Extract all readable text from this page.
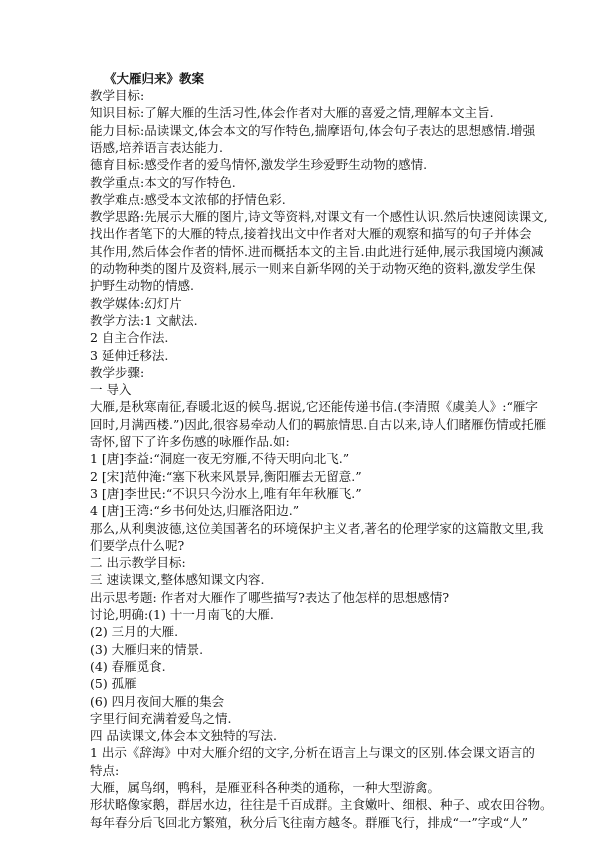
《大雁归来》教案
教学目标:
知识目标:了解大雁的生活习性,体会作者对大雁的喜爱之情,理解本文主旨.
能力目标:品读课文,体会本文的写作特色,揣摩语句,体会句子表达的思想感情.增强
语感,培养语言表达能力.
德育目标:感受作者的爱鸟情怀,激发学生珍爱野生动物的感情.
教学重点:本文的写作特色.
教学难点:感受本文浓郁的抒情色彩.
教学思路:先展示大雁的图片,诗文等资料,对课文有一个感性认识.然后快速阅读课文,
找出作者笔下的大雁的特点,接着找出文中作者对大雁的观察和描写的句子并体会
其作用,然后体会作者的情怀.进而概括本文的主旨.由此进行延伸,展示我国境内濒减
的动物种类的图片及资料,展示一则来自新华网的关于动物灭绝的资料,激发学生保
护野生动物的情感.
教学媒体:幻灯片
教学方法:1 文献法.
2 自主合作法.
3 延伸迁移法.
教学步骤:
一 导入
大雁,是秋寒南征,春暖北返的候鸟.据说,它还能传递书信.(李清照《虞美人》:“雁字
回时,月满西楼.”)因此,很容易牵动人们的羁旅情思.自古以来,诗人们睹雁伤情或托雁
寄怀,留下了许多伤感的咏雁作品.如:
1 [唐]李益:“洞庭一夜无穷雁,不待天明向北飞.”
2 [宋]范仲淹:“塞下秋来风景异,衡阳雁去无留意.”
3 [唐]李世民:“不识只今汾水上,唯有年年秋雁飞.”
4 [唐]王湾:“乡书何处达,归雁洛阳边.”
那么,从利奥波德,这位美国著名的环境保护主义者,著名的伦理学家的这篇散文里,我
们要学点什么呢?
二 出示教学目标:
三 速读课文,整体感知课文内容.
出示思考题: 作者对大雁作了哪些描写?表达了他怎样的思想感情?
讨论,明确:(1) 十一月南飞的大雁.
(2) 三月的大雁.
(3) 大雁归来的情景.
(4) 春雁觅食.
(5) 孤雁
(6) 四月夜间大雁的集会
字里行间充满着爱鸟之情.
四 品读课文,体会本文独特的写法.
1 出示《辞海》中对大雁介绍的文字,分析在语言上与课文的区别.体会课文语言的
特点:
大雁，属鸟纲，鸭科，是雁亚科各种类的通称，一种大型游禽。
形状略像家鹅，群居水边，往往是千百成群。主食嫩叶、细根、种子、或农田谷物。
每年春分后飞回北方繁殖，秋分后飞往南方越冬。群雁飞行，排成“一”字或“人”
